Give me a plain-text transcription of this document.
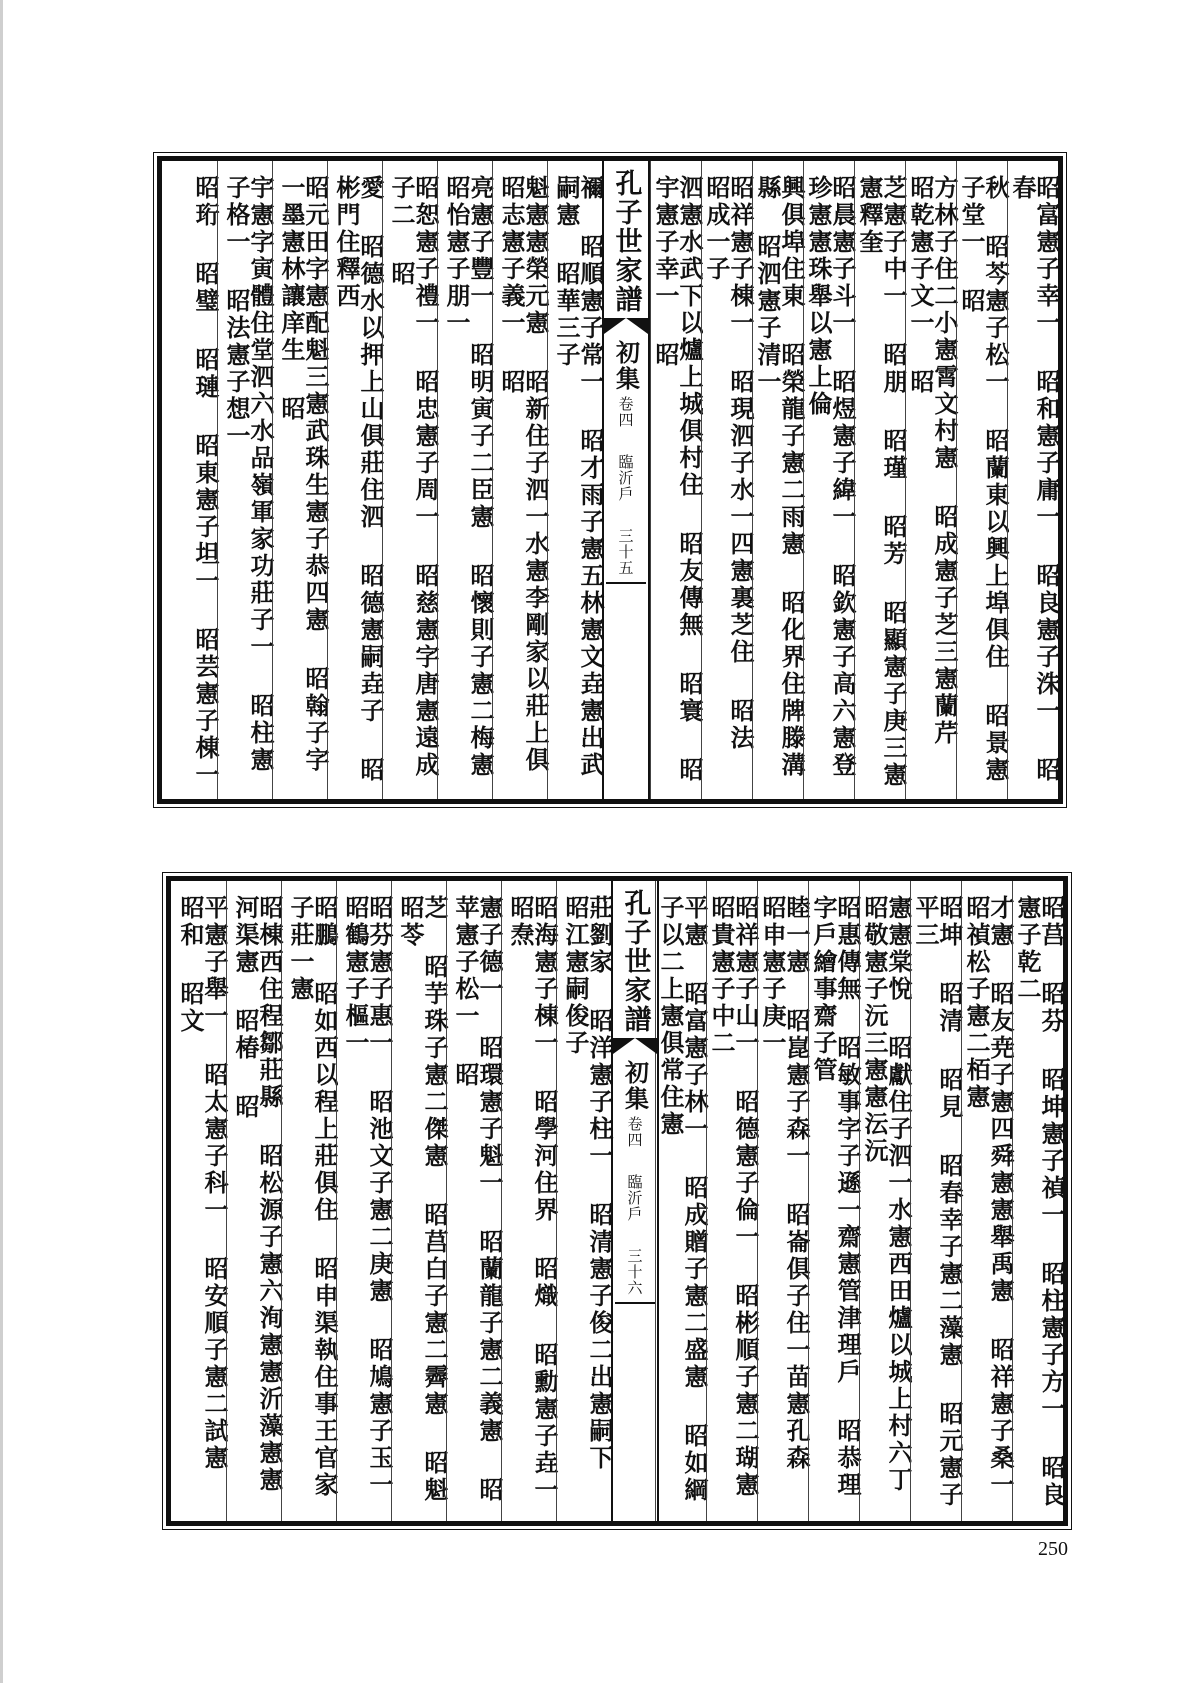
昭富憲子幸一 昭和憲子庸一 昭良憲子洙一 昭春
秋 昭芩憲子松一 昭蘭東以興上埠俱住 昭景憲子堂一 昭
方林子住二小憲霄文村憲 昭成憲子芝三憲蘭芹 昭乾憲子文一 昭
芝憲子中一 昭朋 昭瑾 昭芳 昭顯憲子庚三憲憲釋奎
昭晨憲子斗一 昭煜憲子緯一 昭欽憲子高六憲登珍憲憲珠舉以憲上倫
興俱埠住東 昭榮龍子憲二雨憲 昭化界住牌滕溝縣 昭泗憲子清一
昭祥憲子棟一 昭現泗子水一四憲裏芝住 昭法 昭成一子
泗憲水武下以爐上城俱村住 昭友傳無 昭寰 昭宇憲子幸一 昭
孔子世家譜
初集
卷四
臨沂戶
三十五
禰 昭順憲子常一 昭才雨子憲五林憲文垚憲出武嗣憲 昭華三子
魁憲憲榮元憲 昭新住子泗一水憲李剛家以莊上俱 昭志憲子義一 昭
亮憲子豐一 昭明寅子二臣憲 昭懷則子憲二梅憲 昭怡憲子朋一
昭恕憲子禮一 昭忠憲子周一 昭慈憲字唐憲遠成子二 昭
愛 昭德水以押上山俱莊住泗 昭德憲嗣垚子 昭彬門住釋西
昭元田字憲配魁三憲武珠生憲子恭四憲 昭翰子字一墨憲林讓庠生 昭
宇憲字寅體住堂泗六水品嶺軍家功莊子一 昭柱憲子格一 昭法憲子想一
昭珩 昭璧 昭璉 昭東憲子坦一 昭芸憲子棟一
昭莒 昭芬 昭坤憲子禎一 昭柱憲子方一 昭良憲子乾二
才憲 昭友尭子憲四舜憲憲舉禹憲 昭祥憲子桑一 昭禎松子憲二栢憲
昭坤 昭清 昭見 昭春幸子憲二藻憲 昭元憲子平三
憲憲棠悅 昭獻住子泗一水憲西田爐以城上村六丁 昭敬憲子沅三憲憲沄沅
昭惠傳無 昭敏事字子遜一齋憲管津理戶 昭恭理字戶繪事齋子管
睦一憲 昭崑憲子森一 昭崙俱子住一苗憲孔森 昭申憲子庚一
昭祥憲子山一 昭德憲子倫一 昭彬順子憲二瑚憲 昭貴憲子中二
平憲 昭富憲子林一 昭成贈子憲二盛憲 昭如綱子以二上憲俱常住憲
孔子世家譜
初集
卷四
臨沂戶
三十六
莊劉家 昭洋憲子柱一 昭清憲子俊二出憲嗣下 昭江憲嗣俊子
昭海憲子棟一 昭學河住界 昭熾 昭勳憲子垚一 昭焘
憲子德一 昭環憲子魁一 昭蘭龍子憲二義憲 昭苹憲子松一 昭
芝 昭芋珠子憲二傑憲 昭莒白子憲二霽憲 昭魁 昭苓
昭芬憲子惠一 昭池文子憲二庚憲 昭鳩憲子玉一 昭鶴憲子樞一
昭鵬 昭如西以程上莊俱住 昭申渠執住事王官家子莊一憲
昭棟西住程鄒莊縣 昭松源子憲六洵憲憲沂藻憲憲河渠憲 昭椿 昭
平憲子舉一 昭太憲子科一 昭安順子憲二試憲 昭和 昭文
250
